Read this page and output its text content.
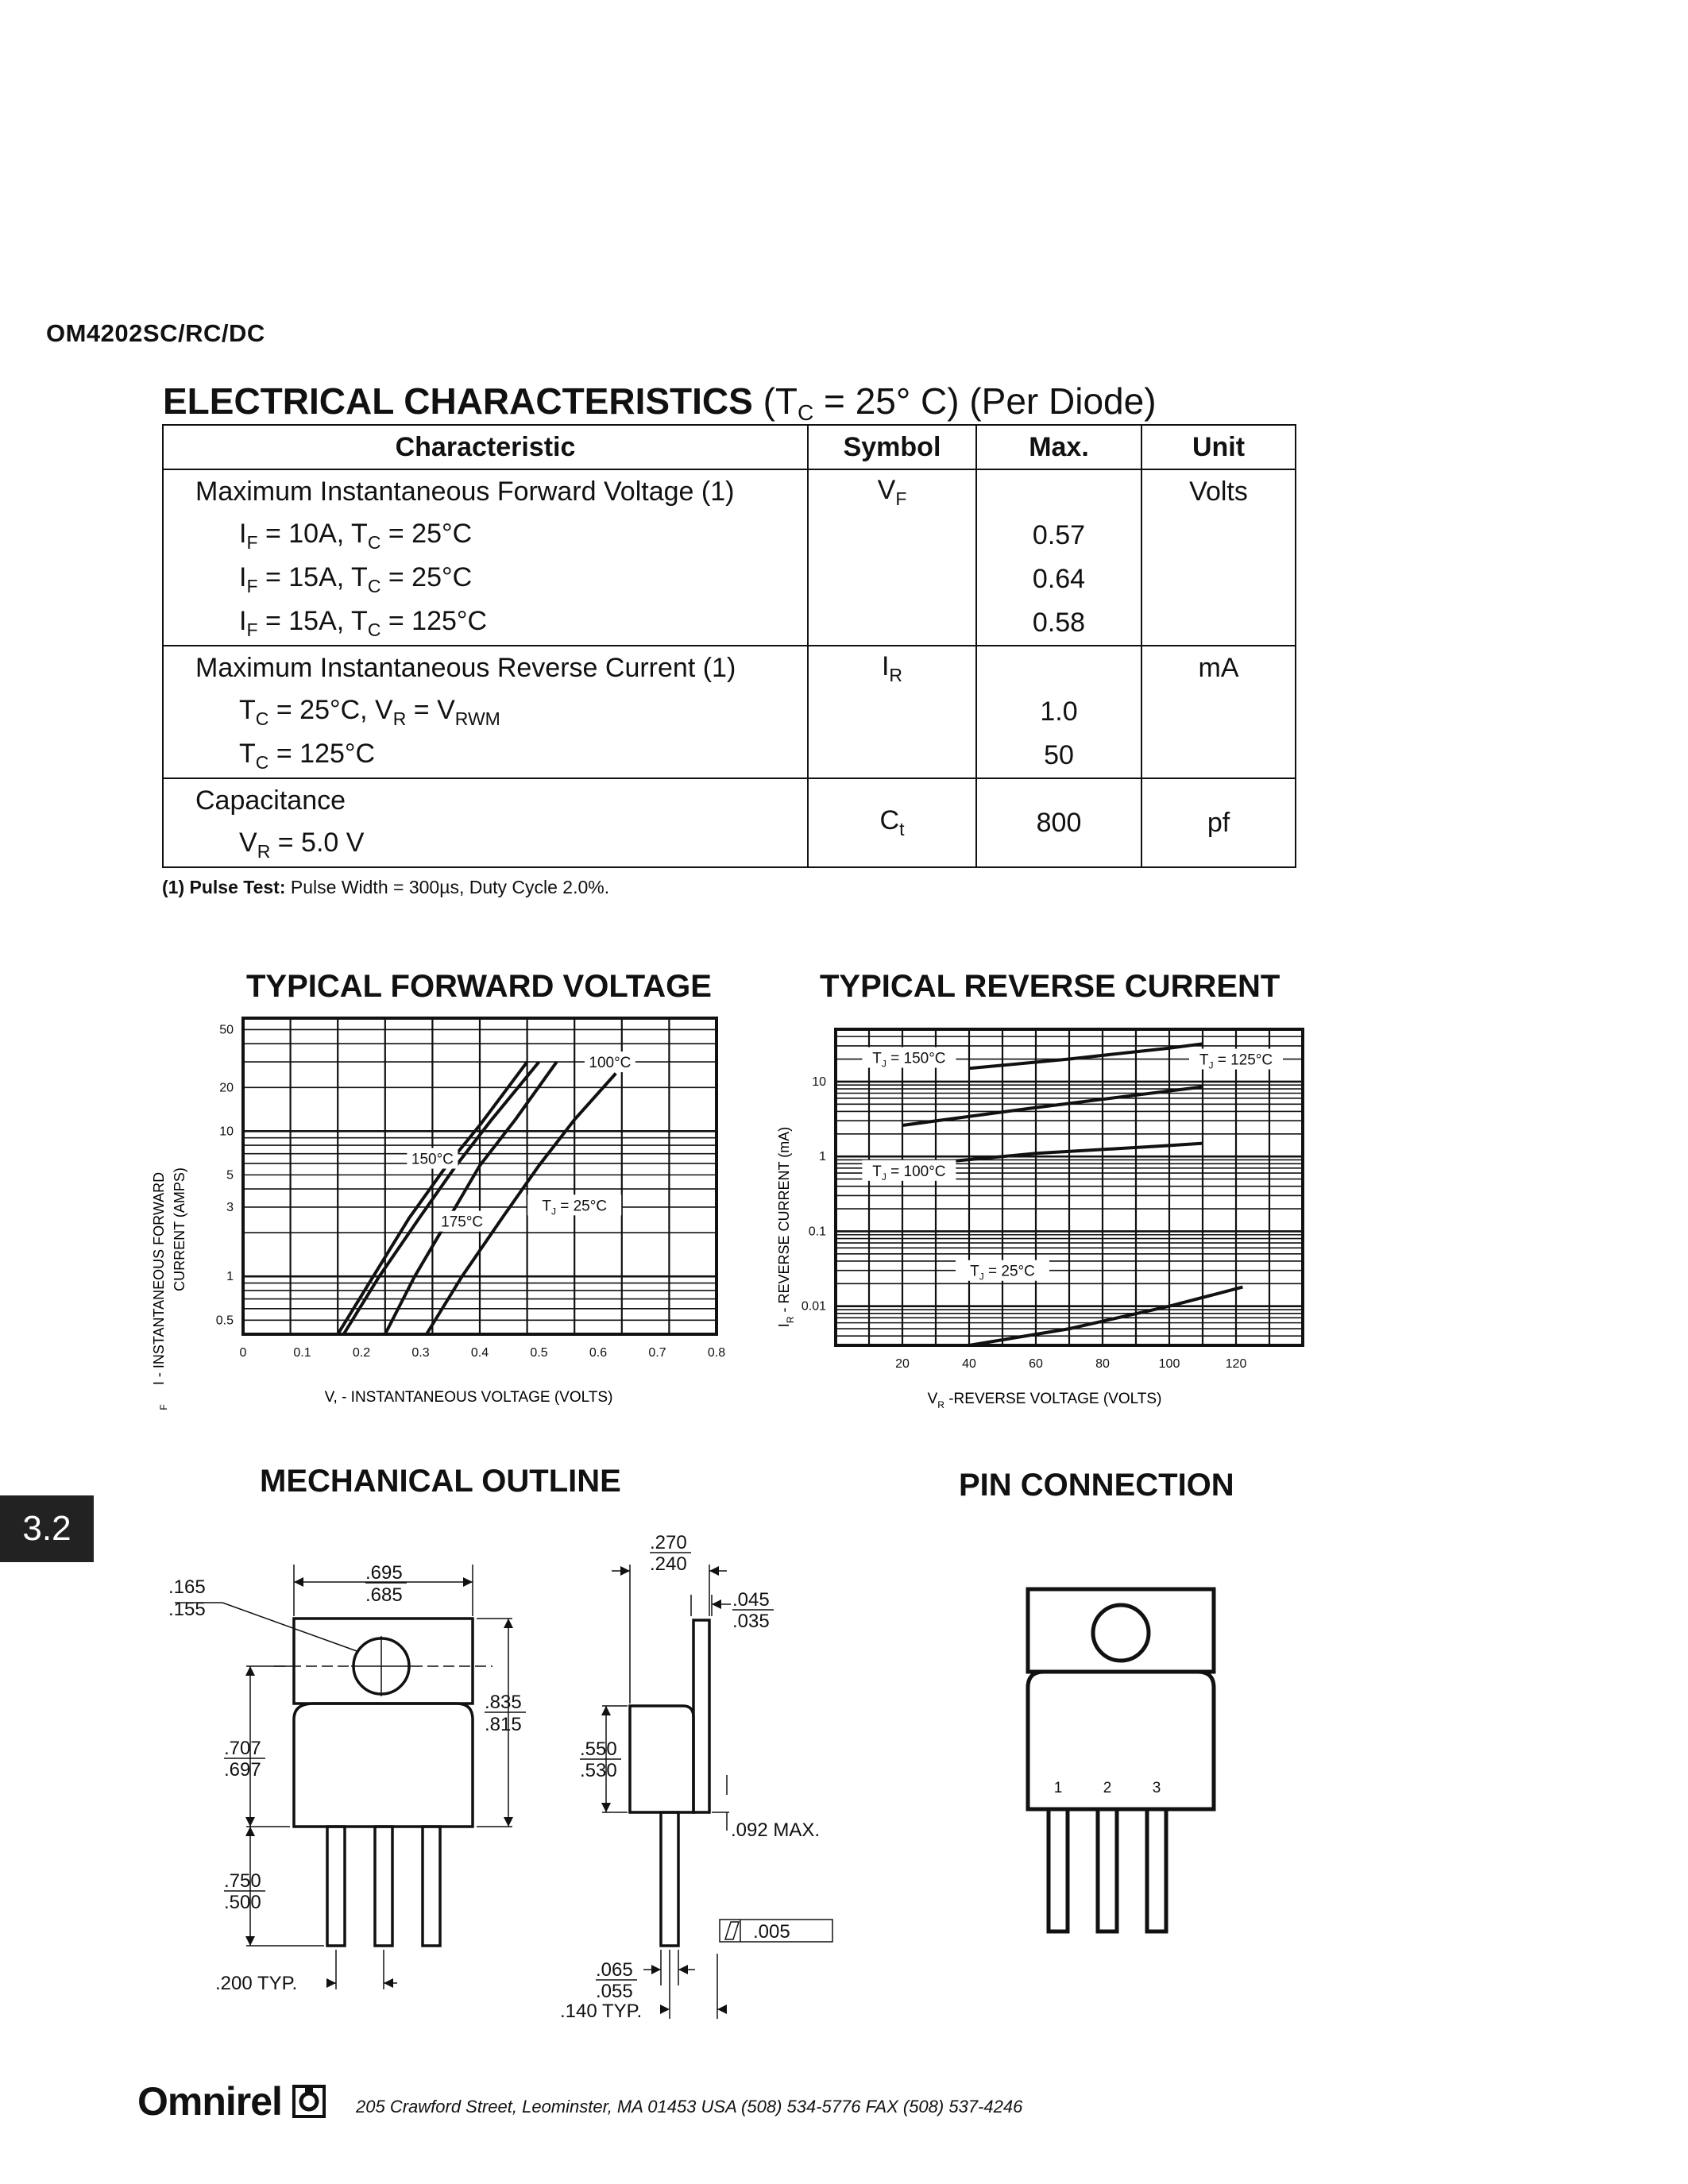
OM4202SC/RC/DC
ELECTRICAL CHARACTERISTICS ($T_C = 25^\circ$ C) (Per Diode)
Characteristic	Symbol	Max.	Unit
Maximum Instantaneous Forward Voltage (1)	$V_F$		Volts
$I_F = 10A$, $T_C = 25^\circ C$		0.57	
$I_F = 15A$, $T_C = 25^\circ C$		0.64	
$I_F = 15A$, $T_C = 125^\circ C$		0.58	
Maximum Instantaneous Reverse Current (1)	$I_R$		mA
$T_C = 25^\circ C$, $V_R = V_{RWM}$		1.0	
$T_C = 125^\circ C$		50	
Capacitance	$C_t$	800	pf
$V_R = 5.0$ V			
(1) Pulse Test: Pulse Width = 300µs, Duty Cycle 2.0%.
TYPICAL FORWARD VOLTAGE	TYPICAL REVERSE CURRENT
100°C
150°C
175°C
$T_J = 25^\circ C$
0	0.1	0.2	0.3	0.4	0.5	0.6	0.7	0.8
0.5
1
3
5
10
20
50
I - INSTANTANEOUS FORWARD
F
CURRENT (AMPS)
V, - INSTANTANEOUS VOLTAGE (VOLTS)
$T_J = 150^\circ C$	$T_J = 125^\circ C$
$T_J = 100^\circ C$
$T_J = 25^\circ C$
20	40	60	80	100	120
0.01
0.1
1
10
$I_R$ - REVERSE CURRENT (mA)
$V_R$ -REVERSE VOLTAGE (VOLTS)
3.2
MECHANICAL OUTLINE	PIN CONNECTION
.695
.685
.165
.155
.835
.815
.707
.697
.750
.500
.200 TYP.
.270
.240
.045
.035
.550
.530
.092 MAX.
.005
.065
.055
.140 TYP.
1	2	3
Omnirel	205 Crawford Street, Leominster, MA 01453 USA (508) 534-5776 FAX (508) 537-4246
